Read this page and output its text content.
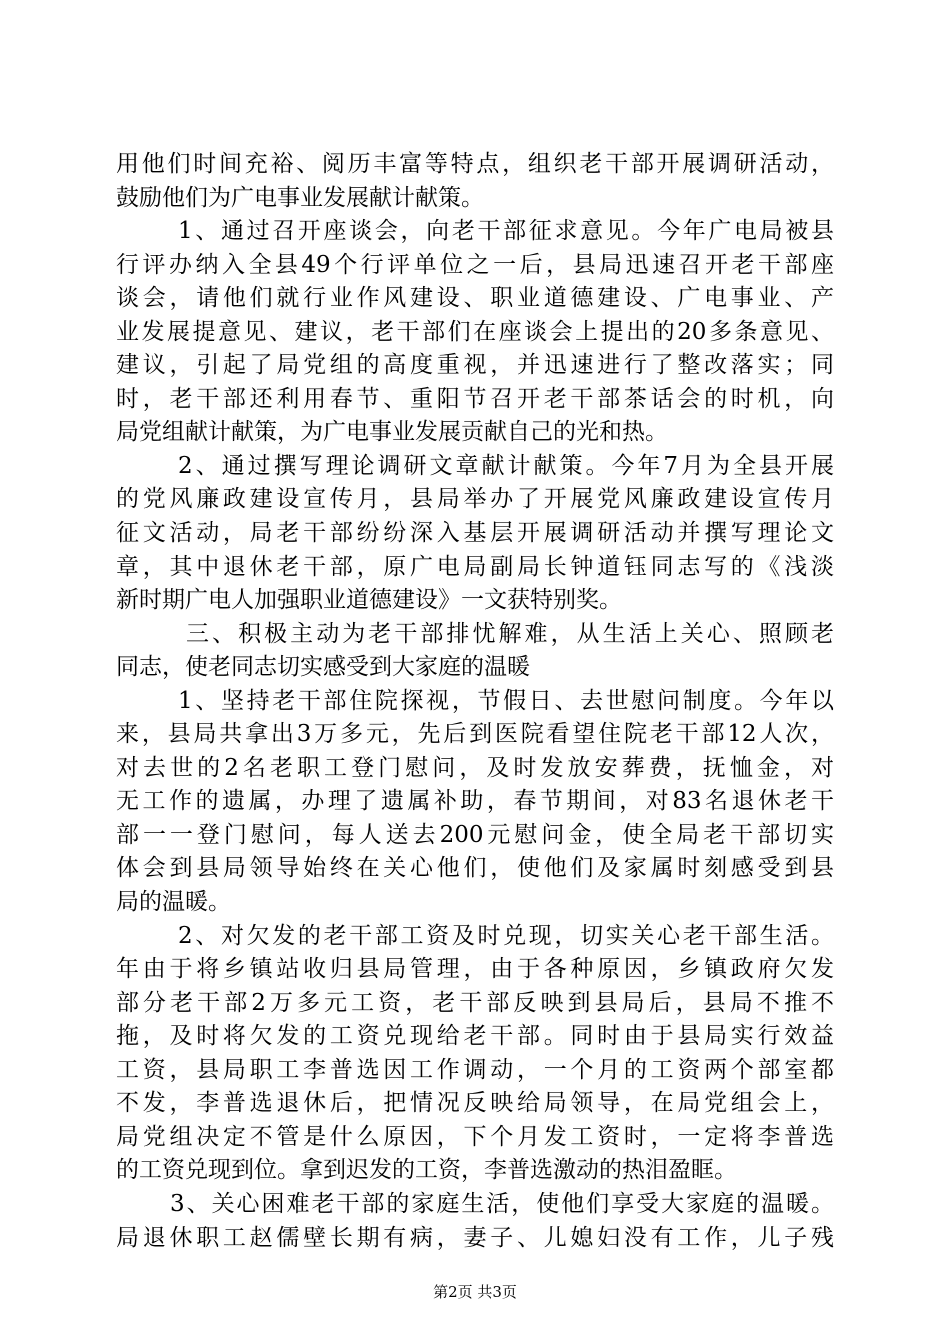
用他们时间充裕、阅历丰富等特点，组织老干部开展调研活动，
鼓励他们为广电事业发展献计献策。
1、通过召开座谈会，向老干部征求意见。今年广电局被县
行评办纳入全县49个行评单位之一后，县局迅速召开老干部座
谈会，请他们就行业作风建设、职业道德建设、广电事业、产
业发展提意见、建议，老干部们在座谈会上提出的20多条意见、
建议，引起了局党组的高度重视，并迅速进行了整改落实；同
时，老干部还利用春节、重阳节召开老干部茶话会的时机，向
局党组献计献策，为广电事业发展贡献自己的光和热。
2、通过撰写理论调研文章献计献策。今年7月为全县开展
的党风廉政建设宣传月，县局举办了开展党风廉政建设宣传月
征文活动，局老干部纷纷深入基层开展调研活动并撰写理论文
章，其中退休老干部，原广电局副局长钟道钰同志写的《浅淡
新时期广电人加强职业道德建设》一文获特别奖。
三、积极主动为老干部排忧解难，从生活上关心、照顾老
同志，使老同志切实感受到大家庭的温暖
1、坚持老干部住院探视，节假日、去世慰问制度。今年以
来，县局共拿出3万多元，先后到医院看望住院老干部12人次，
对去世的2名老职工登门慰问，及时发放安葬费，抚恤金，对
无工作的遗属，办理了遗属补助，春节期间，对83名退休老干
部一一登门慰问，每人送去200元慰问金，使全局老干部切实
体会到县局领导始终在关心他们，使他们及家属时刻感受到县
局的温暖。
2、对欠发的老干部工资及时兑现，切实关心老干部生活。
年由于将乡镇站收归县局管理，由于各种原因，乡镇政府欠发
部分老干部2万多元工资，老干部反映到县局后，县局不推不
拖，及时将欠发的工资兑现给老干部。同时由于县局实行效益
工资，县局职工李普选因工作调动，一个月的工资两个部室都
不发，李普选退休后，把情况反映给局领导，在局党组会上，
局党组决定不管是什么原因，下个月发工资时，一定将李普选
的工资兑现到位。拿到迟发的工资，李普选激动的热泪盈眶。
3、关心困难老干部的家庭生活，使他们享受大家庭的温暖。
局退休职工赵儒壁长期有病，妻子、儿媳妇没有工作，儿子残
第2页 共3页
